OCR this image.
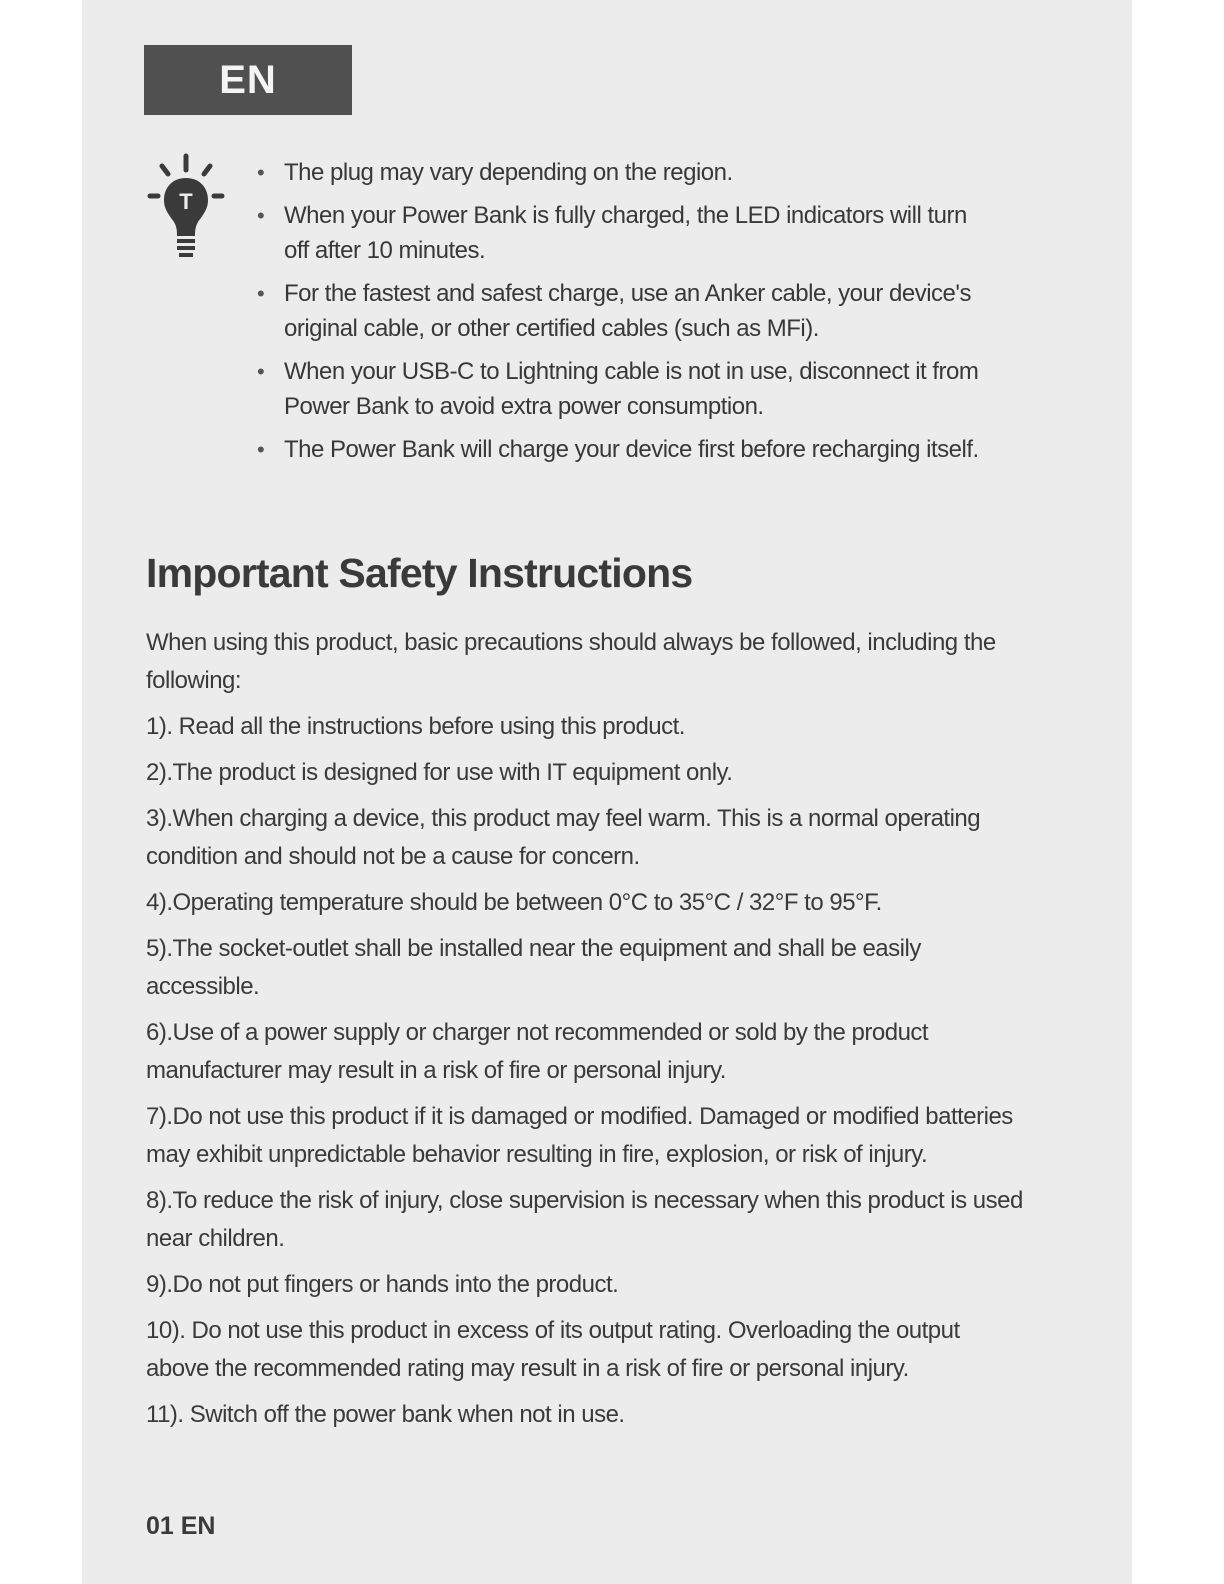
EN
T
• The plug may vary depending on the region.
• When your Power Bank is fully charged, the LED indicators will turn off after 10 minutes.
• For the fastest and safest charge, use an Anker cable, your device's original cable, or other certified cables (such as MFi).
• When your USB-C to Lightning cable is not in use, disconnect it from Power Bank to avoid extra power consumption.
• The Power Bank will charge your device first before recharging itself.
Important Safety Instructions

When using this product, basic precautions should always be followed, including the following:

1). Read all the instructions before using this product.
2).The product is designed for use with IT equipment only.
3).When charging a device, this product may feel warm. This is a normal operating condition and should not be a cause for concern.
4).Operating temperature should be between 0°C to 35°C / 32°F to 95°F.
5).The socket-outlet shall be installed near the equipment and shall be easily accessible.
6).Use of a power supply or charger not recommended or sold by the product manufacturer may result in a risk of fire or personal injury.
7).Do not use this product if it is damaged or modified. Damaged or modified batteries may exhibit unpredictable behavior resulting in fire, explosion, or risk of injury.
8).To reduce the risk of injury, close supervision is necessary when this product is used near children.
9).Do not put fingers or hands into the product.
10). Do not use this product in excess of its output rating. Overloading the output above the recommended rating may result in a risk of fire or personal injury.
11). Switch off the power bank when not in use.
01 EN
